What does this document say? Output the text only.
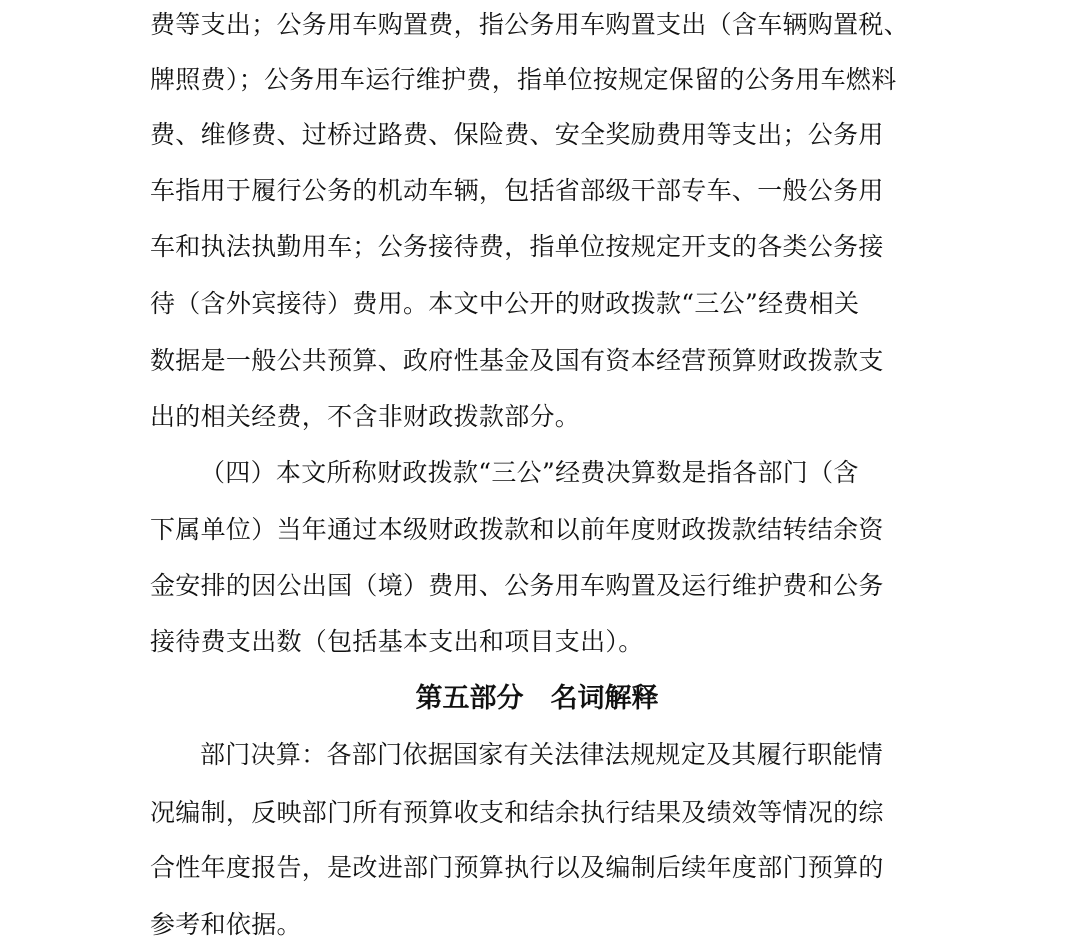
费等支出；公务用车购置费，指公务用车购置支出（含车辆购置税、
牌照费）；公务用车运行维护费，指单位按规定保留的公务用车燃料
费、维修费、过桥过路费、保险费、安全奖励费用等支出；公务用
车指用于履行公务的机动车辆，包括省部级干部专车、一般公务用
车和执法执勤用车；公务接待费，指单位按规定开支的各类公务接
待（含外宾接待）费用。本文中公开的财政拨款“三公”经费相关
数据是一般公共预算、政府性基金及国有资本经营预算财政拨款支
出的相关经费，不含非财政拨款部分。
（四）本文所称财政拨款“三公”经费决算数是指各部门（含
下属单位）当年通过本级财政拨款和以前年度财政拨款结转结余资
金安排的因公出国（境）费用、公务用车购置及运行维护费和公务
接待费支出数（包括基本支出和项目支出）。
第五部分　名词解释
部门决算：各部门依据国家有关法律法规规定及其履行职能情
况编制，反映部门所有预算收支和结余执行结果及绩效等情况的综
合性年度报告，是改进部门预算执行以及编制后续年度部门预算的
参考和依据。
